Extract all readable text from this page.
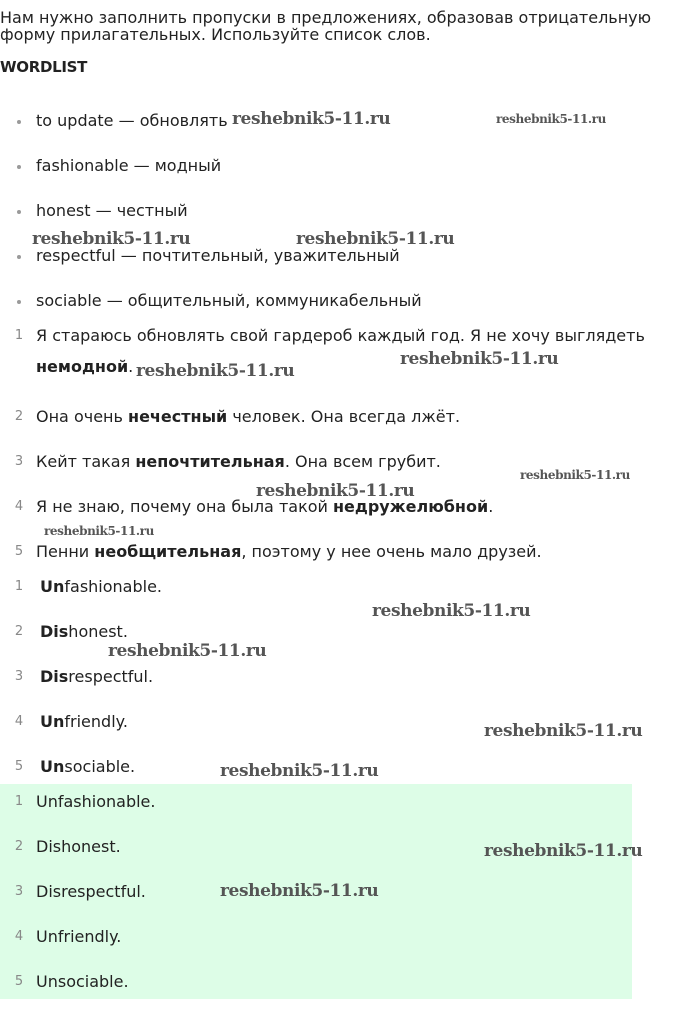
Нам нужно заполнить пропуски в предложениях, образовав отрицательную
форму прилагательных. Используйте список слов.
WORDLIST
to update — обновлять
fashionable — модный
honest — честный
respectful — почтительный, уважительный
sociable — общительный, коммуникабельный
1 Я стараюсь обновлять свой гардероб каждый год. Я не хочу выглядеть
немодной.
2 Она очень нечестный человек. Она всегда лжёт.
3 Кейт такая непочтительная. Она всем грубит.
4 Я не знаю, почему она была такой недружелюбной.
5 Пенни необщительная, поэтому у нее очень мало друзей.
1 Unfashionable.
2 Dishonest.
3 Disrespectful.
4 Unfriendly.
5 Unsociable.
1 Unfashionable.
2 Dishonest.
3 Disrespectful.
4 Unfriendly.
5 Unsociable.
reshebnik5-11.ru	reshebnik5-11.ru
reshebnik5-11.ru	reshebnik5-11.ru
reshebnik5-11.ru
reshebnik5-11.ru
reshebnik5-11.ru
reshebnik5-11.ru
reshebnik5-11.ru
reshebnik5-11.ru
reshebnik5-11.ru
reshebnik5-11.ru
reshebnik5-11.ru
reshebnik5-11.ru
reshebnik5-11.ru
